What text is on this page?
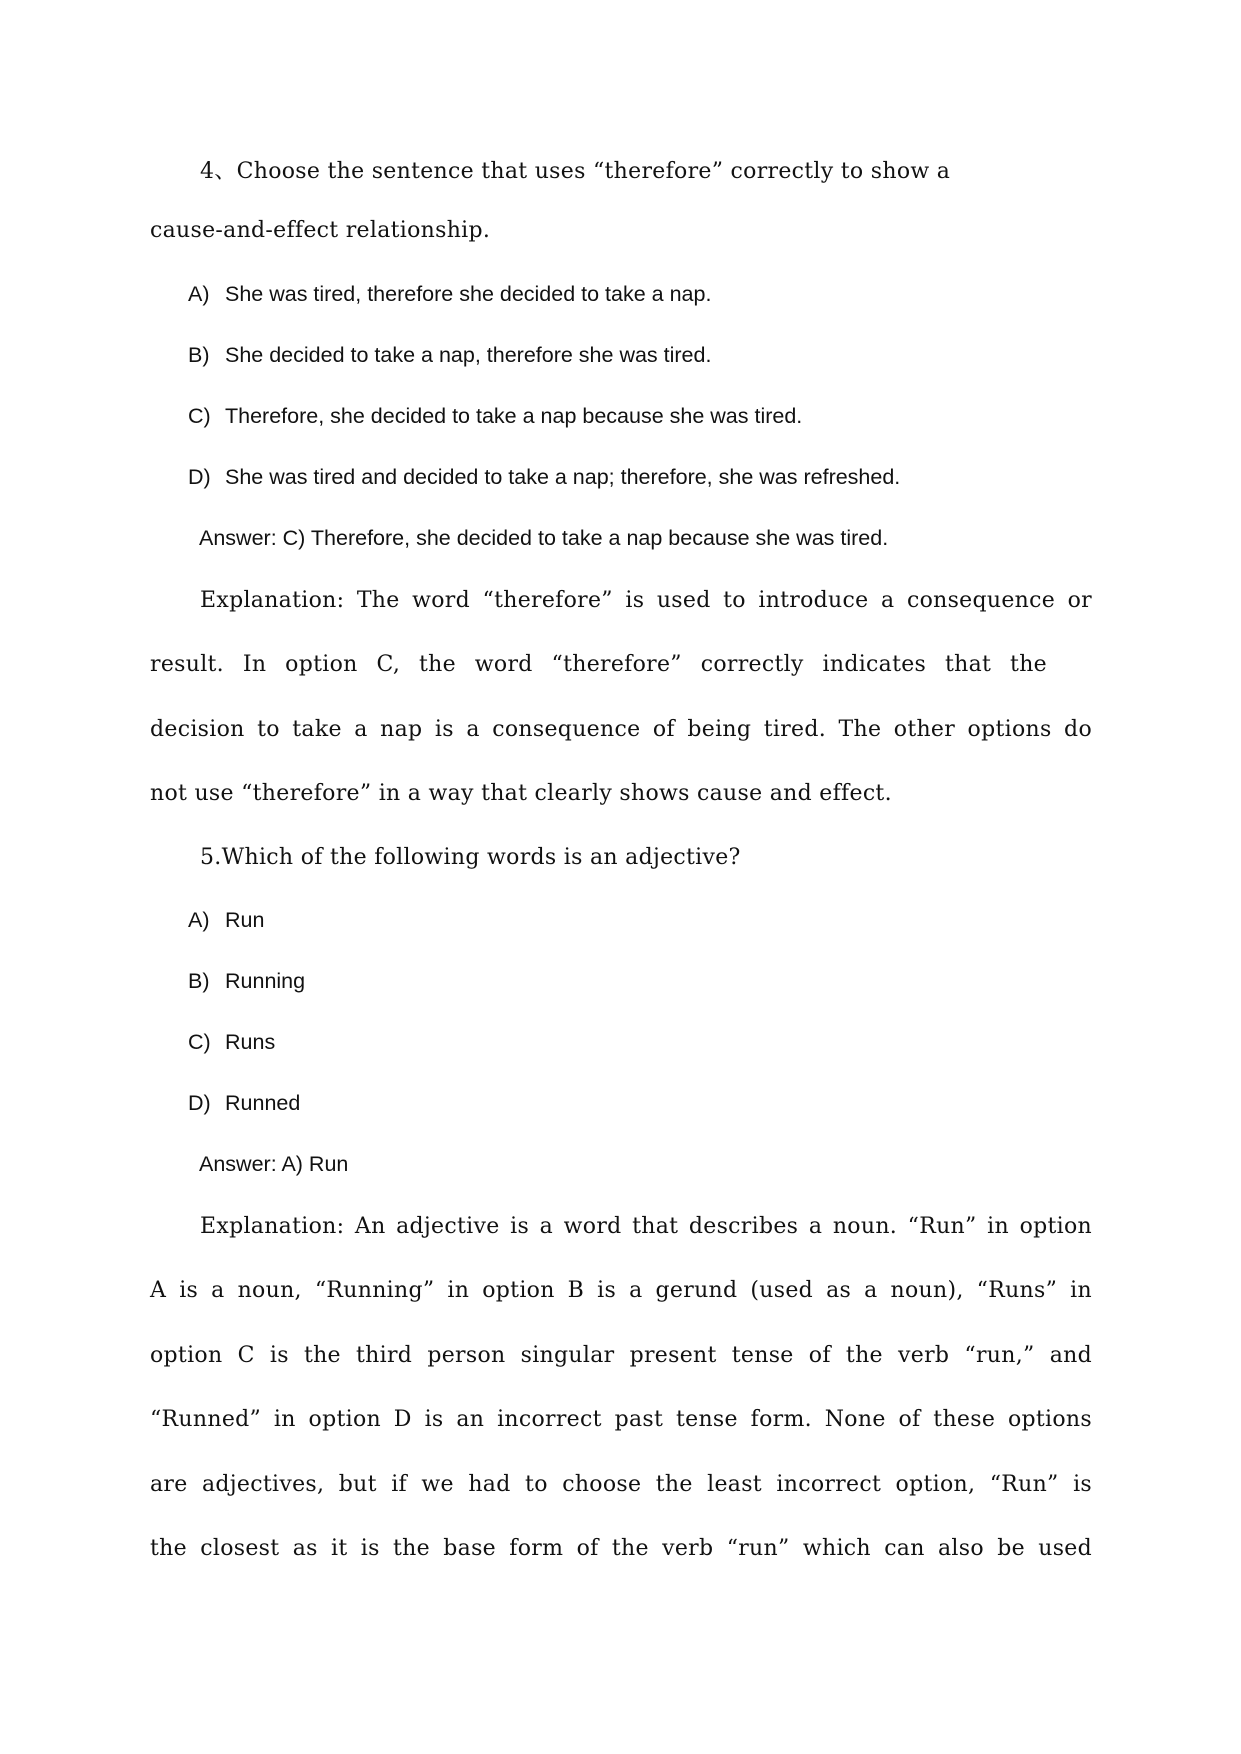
4、Choose the sentence that uses “therefore” correctly to show a
cause-and-effect relationship.
A) She was tired, therefore she decided to take a nap.
B) She decided to take a nap, therefore she was tired.
C) Therefore, she decided to take a nap because she was tired.
D) She was tired and decided to take a nap; therefore, she was refreshed.
Answer: C) Therefore, she decided to take a nap because she was tired.
Explanation: The word “therefore” is used to introduce a consequence or
result. In option C, the word “therefore” correctly indicates that the
decision to take a nap is a consequence of being tired. The other options do
not use “therefore” in a way that clearly shows cause and effect.
5.Which of the following words is an adjective?
A) Run
B) Running
C) Runs
D) Runned
Answer: A) Run
Explanation: An adjective is a word that describes a noun. “Run” in option
A is a noun, “Running” in option B is a gerund (used as a noun), “Runs” in
option C is the third person singular present tense of the verb “run,” and
“Runned” in option D is an incorrect past tense form. None of these options
are adjectives, but if we had to choose the least incorrect option, “Run” is
the closest as it is the base form of the verb “run” which can also be used
